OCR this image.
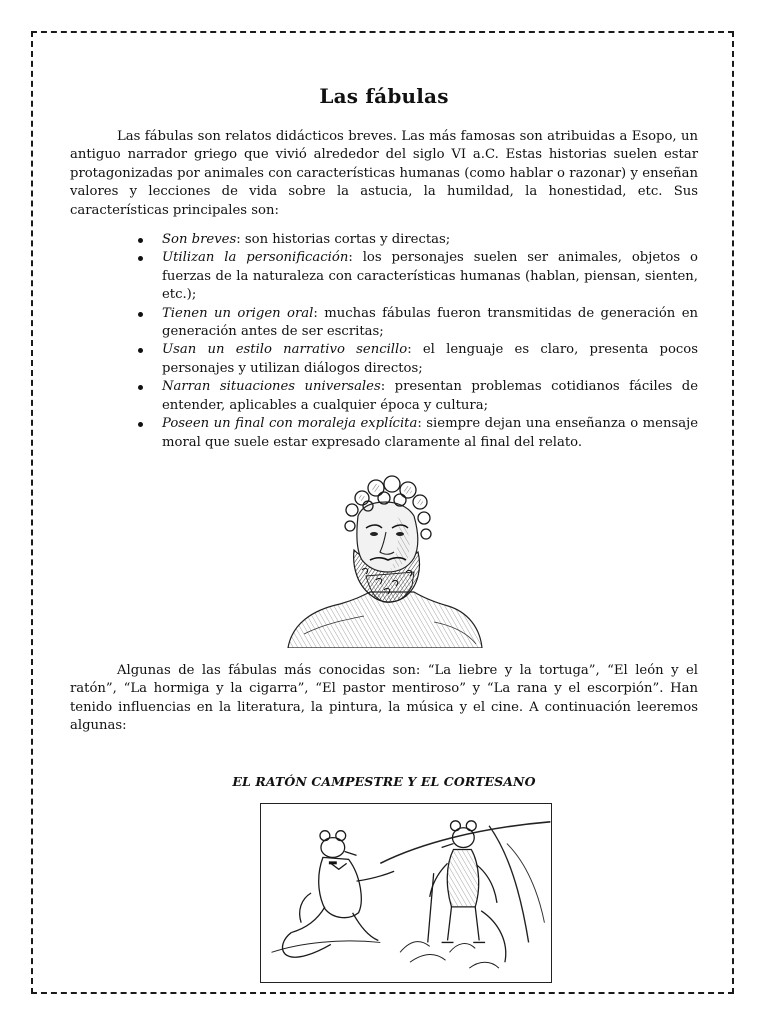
Las fábulas

Las fábulas son relatos didácticos breves. Las más famosas son atribuidas a Esopo, un antiguo narrador griego que vivió alrededor del siglo VI a.C. Estas historias suelen estar protagonizadas por animales con características humanas (como hablar o razonar) y enseñan valores y lecciones de vida sobre la astucia, la humildad, la honestidad, etc. Sus características principales son:

Son breves: son historias cortas y directas;
Utilizan la personificación: los personajes suelen ser animales, objetos o fuerzas de la naturaleza con características humanas (hablan, piensan, sienten, etc.);
Tienen un origen oral: muchas fábulas fueron transmitidas de generación en generación antes de ser escritas;
Usan un estilo narrativo sencillo: el lenguaje es claro, presenta pocos personajes y utilizan diálogos directos;
Narran situaciones universales: presentan problemas cotidianos fáciles de entender, aplicables a cualquier época y cultura;
Poseen un final con moraleja explícita: siempre dejan una enseñanza o mensaje moral que suele estar expresado claramente al final del relato.

Algunas de las fábulas más conocidas son: “La liebre y la tortuga”, “El león y el ratón”, “La hormiga y la cigarra”, “El pastor mentiroso” y “La rana y el escorpión”. Han tenido influencias en la literatura, la pintura, la música y el cine. A continuación leeremos algunas:

EL RATÓN CAMPESTRE Y EL CORTESANO
